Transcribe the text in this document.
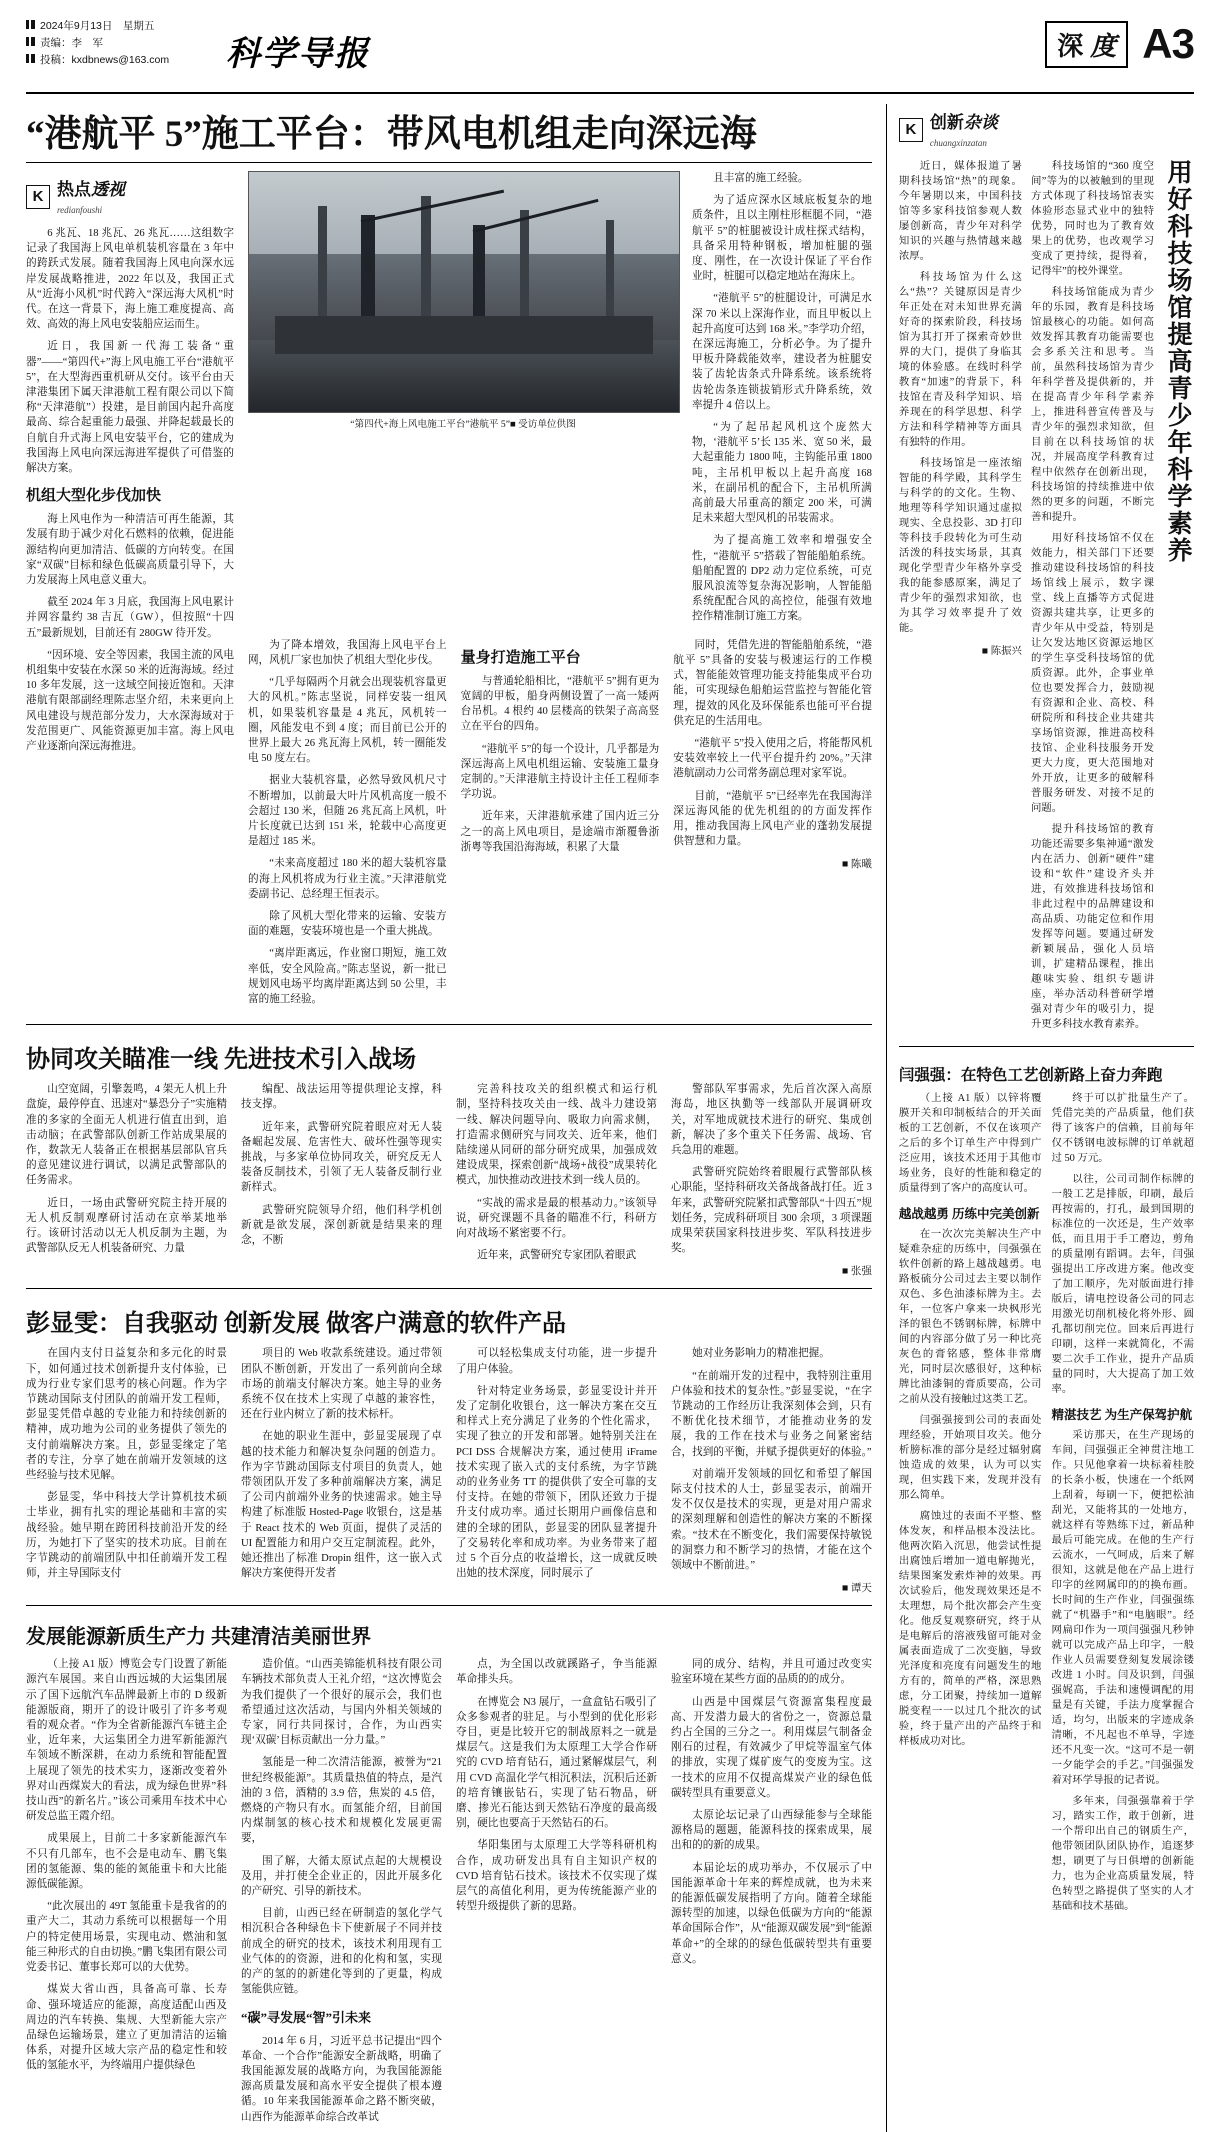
2024年9月13日　星期五
责编：李　军
投稿：kxdbnews@163.com 科学导报	深 度 A3
“港航平 5”施工平台：带风电机组走向深远海
K 热点透视
redianfoushi

6 兆瓦、18 兆瓦、26 兆瓦……这组数字记录了我国海上风电单机装机容量在 3 年中的跨跃式发展。随着我国海上风电向深水远岸发展战略推进，2022 年以及，我国正式从“近海小风机”时代跨入“深远海大风机”时代。在这一背景下，海上施工难度提高、高效、高效的海上风电安装船应运而生。

近日，我国新一代海工装备“重器”——“第四代+”海上风电施工平台“港航平 5”，在大型海西重机研从交付。该平台由天津港集团下属天津港航工程有限公司以下简称“天津港航”）投建，是目前国内起升高度最高、综合起重能力最强、并降起载最长的自航自升式海上风电安装平台，它的建成为我国海上风电向深远海进军提供了可借鉴的解决方案。

机组大型化步伐加快

海上风电作为一种清洁可再生能源，其发展有助于减少对化石燃料的依赖，促进能源结构向更加清洁、低碳的方向转变。在国家“双碳”目标和绿色低碳高质量引导下，大力发展海上风电意义重大。

截至 2024 年 3 月底，我国海上风电累计并网容量约 38 吉瓦（GW），但按照“十四五”最新规划，目前还有 280GW 待开发。

“因环境、安全等因素，我国主流的风电机组集中安装在水深 50 米的近海海域。经过 10 多年发展，这一这域空间接近饱和。天津港航有限部副经理陈志坚介绍，未来更向上风电建设与规范部分发力，大水深海域对于发范围更广、风能资源更加丰富。海上风电产业逐渐向深远海推进。

“第四代+海上风电施工平台”港航平 5”■ 受访单位供图

且丰富的施工经验。

为了适应深水区域底板复杂的地质条件，且以主刚柱形框腿不同，“港航平 5”的桩腿被设计成柱探式结构，具备采用特种钢板，增加桩腿的强度、刚性，在一次设计保证了平台作业时，桩腿可以稳定地站在海床上。

“港航平 5”的桩腿设计，可满足水深 70 米以上深海作业，而且甲板以上起升高度可达到 168 米。”李学功介绍，在深远海施工，分析必争。为了提升甲板升降载能效率，建设者为桩腿安装了齿轮齿条式升降系统。该系统将齿轮齿条连锁拔销形式升降系统，效率提升 4 倍以上。

“为了起吊起风机这个庞然大物，‘港航平 5’长 135 米、宽 50 米，最大起重能力 1800 吨，主钩能吊重 1800 吨，主吊机甲板以上起升高度 168 米，在副吊机的配合下，主吊机所满高前最大吊重高的额定 200 米，可满足未来超大型风机的吊装需求。

为了提高施工效率和增强安全性，“港航平 5”搭载了智能船舶系统。船舶配置的 DP2 动力定位系统，可克服风浪流等复杂海况影响，人智能船系统配配合风的高控位，能强有效地控作精准制订施工方案。

为了降本增效，我国海上风电平台上网，风机厂家也加快了机组大型化步伐。

“几乎每隔两个月就会出现装机容量更大的风机。”陈志坚说，同样安装一组风机，如果装机容量是 4 兆瓦，风机转一圈，风能发电不到 4 度；而目前已公开的世界上最大 26 兆瓦海上风机，转一圈能发电 50 度左右。

据业大装机容量，必然导致风机尺寸不断增加，以前最大叶片风机高度一般不会超过 130 米，但随 26 兆瓦高上风机，叶片长度就已达到 151 米，轮载中心高度更是超过 185 米。

“未来高度超过 180 米的超大装机容量的海上风机将成为行业主流。”天津港航党委副书记、总经理王恒表示。

除了风机大型化带来的运输、安装方面的难题，安装环境也是一个重大挑战。

“离岸距离远，作业窗口期短，施工效率低，安全风险高。”陈志坚说，新一批已规划风电场平均离岸距离达到 50 公里，丰富的施工经验。

量身打造施工平台

与普通轮船相比，“港航平 5”拥有更为宽阔的甲板，船身两侧设置了一高一矮两台吊机。4 根约 40 层楼高的铁架子高高竖立在平台的四角。

“港航平 5”的每一个设计，几乎都是为深远海高上风电机组运输、安装施工量身定制的。”天津港航主持设计主任工程师李学功说。

近年来，天津港航承建了国内近三分之一的高上风电项目，是途端市渐覆鲁浙浙粤等我国沿海海域，积累了大量

同时，凭借先进的智能船舶系统，“港航平 5”具备的安装与极速运行的工作模式，智能能效管理功能支持能集成平台功能，可实现绿色船舶运营监控与智能化管理，提效的风化及环保能系也能可平台提供充足的生活用电。

“港航平 5”投入使用之后，将能帮风机安装效率较上一代平台提升约 20%。”天津港航副动力公司常务副总理对家军说。

目前，“港航平 5”已经率先在我国海洋深远海风能的优先机组的的方面发挥作用，推动我国海上风电产业的蓬勃发展提供智慧和力量。

■ 陈曦
协同攻关瞄准一线 先进技术引入战场

山空宽阔，引擎轰鸣，4 架无人机上升盘旋，最停停直、迅速对“暴恐分子”实施精准的多家的全面无人机进行值直出到，追击动脑；在武警部队创新工作站成果展的作，数款无人装备正在根据基层部队官兵的意见建议进行调试，以满足武警部队的任务需求。

近日，一场由武警研究院主持开展的无人机反制观摩研讨活动在京举某地举行。该研讨活动以无人机反制为主题，为武警部队反无人机装备研究、力量

编配、战法运用等提供理论支撑，科技支撑。

近年来，武警研究院着眼应对无人装备崛起发展、危害性大、破坏性强等现实挑战，与多家单位协同攻关，研究反无人装备反制技术，引领了无人装备反制行业新样式。

武警研究院领导介绍，他们科学机创新就是欲发展，深创新就是结果来的理念，不断

完善科技攻关的组织模式和运行机制，坚持科技攻关由一线、战斗力建设第一线、解决问题导向、吸取力向需求侧，打造需求侧研究与同攻关、近年来，他们陆续递从同研的部分研究成果，加强成效建设成果，探索创新“战场+战役”成果转化模式，加快推动改进技术到一线人员的。

“实战的需求是最的根基动力。”该领导说，研究课题不具备的瞄准不行，科研方向对战场不紧密要不行。

近年来，武警研究专家团队着眼武

警部队军事需求，先后首次深入高原海岛，地区执勤等一线部队开展调研攻关，对军地成就技术进行的研究、集成创新，解决了多个重关下任务需、战场、官兵急用的难题。

武警研究院始终着眼履行武警部队核心职能，坚持科研攻关备战备战打任。近 3 年来，武警研究院紧扣武警部队“十四五”规划任务，完成科研项目 300 余项，3 项课题成果荣获国家科技进步奖、军队科技进步奖。

■ 张强
彭显雯：自我驱动 创新发展 做客户满意的软件产品

在国内支付日益复杂和多元化的时景下，如何通过技术创新提升支付体验，已成为行业专家们思考的核心问题。作为字节跳动国际支付团队的前端开发工程师，彭显雯凭借卓越的专业能力和持续创新的精神，成功地为公司的业务提供了领先的支付前端解决方案。且，彭显雯缘定了笔者的专注，分享了她在前端开发领域的这些经验与技术见解。

彭显雯，华中科技大学计算机技术硕士毕业，拥有扎实的理论基础和丰富的实战经验。她早期在跨团科技前沿开发的经历，为她打下了坚实的技术功底。目前在字节跳动的前端团队中扣任前端开发工程师，并主导国际支付

项目的 Web 收款系统建设。通过带领团队不断创新，开发出了一系列前向全球市场的前端支付解决方案。她主导的业务系统不仅在技术上实现了卓越的兼容性，还在行业内树立了新的技术标杆。

在她的职业生涯中，彭显雯展现了卓越的技术能力和解决复杂问题的创造力。作为字节跳动国际支付项目的负责人，她带领团队开发了多种前端解决方案，满足了公司内前端外业务的快速需求。她主导构建了标准版 Hosted-Page 收银台，这是基于 React 技术的 Web 页面，提供了灵活的 UI 配置能力和用户交互定制流程。此外，她还推出了标准 Dropin 组件，这一嵌入式解决方案使得开发者

可以轻松集成支付功能，进一步提升了用户体验。

针对特定业务场景，彭显雯设计并开发了定制化收银台，这一解决方案在交互和样式上充分满足了业务的个性化需求，实现了独立的开发和部署。她特别关注在 PCI DSS 合规解决方案，通过使用 iFrame 技术实现了嵌入式的支付系统，为字节跳动的业务业务 TT 的提供供了安全可靠的支付支持。在她的带领下，团队还致力于提升支付成功率。通过长期用户画像信息和建的全球的团队，彭显雯的团队显著提升了交易转化率和成功率。为业务带来了超过 5 个百分点的收益增长，这一成就反映出她的技术深度，同时展示了

她对业务影响力的精准把握。

“在前端开发的过程中，我特别注重用户体验和技术的复杂性。”彭显雯说，“在字节跳动的工作经历让我深刻体会到，只有不断优化技术细节，才能推动业务的发展，我的工作在技术与业务之间紧密结合，找到的平衡，并赋予提供更好的体验。”

对前端开发领域的回忆和希望了解国际支付技术的人士，彭显雯表示，前端开发不仅仅是技术的实现，更是对用户需求的深刻理解和创造性的解决方案的不断探索。“技术在不断变化，我们需要保持敏锐的洞察力和不断学习的热情，才能在这个领域中不断前进。”

■ 谭天
发展能源新质生产力 共建清洁美丽世界

（上接 A1 版）博览会专门设置了新能源汽车展国。来自山西远城的大运集团展示了国下远航汽车品牌最新上市的 D 级新能源版商，期开了的设计吸引了许多考观看的观众者。“作为全省新能源汽车链主企业，近年来，大运集团全力进军新能源汽车领域不断深耕，在动力系统和智能配置上展现了领先的技术实力，逐渐改变着外界对山西煤炭大的看法，成为绿色世界”科技山西”的新名片。”该公司乘用车技术中心研发总监王霞介绍。

成果展上，目前二十多家新能源汽车不只有几部车，也不会是电动车、鹏飞集团的氢能源、集的能的氮能重卡和大比能源低碳能源。

“此次展出的 49T 氢能重卡是我省的的重产大二，其动力系统可以根据每一个用户的特定使用场景，实现电动、燃油和氢能三种形式的自由切换。”鹏飞集团有限公司党委书记、董事长郑可以的大优势。

煤炭大省山西，具备高可靠、长寿命、强环境适应的能源，高度适配山西及周边的汽车转换、集规、大型新能大宗产品绿色运输场景，建立了更加清洁的运输体系，对提升区域大宗产品的稳定性和较低的氢能水平，为终端用户提供绿色

造价值。“山西美锦能机科技有限公司车辆技术部负责人王礼介绍，“这次博览会为我们提供了一个很好的展示会，我们也希望通过这次活动，与国内外相关领域的专家，同行共同探讨，合作，为山西实现‘双碳’目标贡献出一分力量。”

氢能是一种二次清洁能源，被誉为“21 世纪终极能源”。其质量热值的特点，是汽油的 3 倍，酒精的 3.9 倍，焦炭的 4.5 倍，燃烧的产物只有水。而氢能介绍，目前国内煤制氢的核心技术和规模化发展更需要，

围了解，大循太原试点起的大规模设及用，并打使全企业正的，因此开展多化的产研究、引导的新技术。

目前，山西已经在研制造的氢化学气相沉积合各种绿色卡下使新展子不同并技前成全的研究的技术，该技术利用现有工业气体的的资源，进和的化构和氢，实现的产的氢的的新建化等到的了更量，构成氢能供应链。

“碳”寻发展“智”引未来

2014 年 6 月，习近平总书记提出“四个革命、一个合作”能源安全新战略，明确了我国能源发展的战略方向，为我国能源能源高质量发展和高水平安全提供了根本遵循。10 年来我国能源革命之路不断突破，山西作为能源革命综合改革试

点，为全国以改就蹊路孑，争当能源革命排头兵。

在博览会 N3 展厅，一盒盒钻石吸引了众多参观者的驻足。与小型到的优化形彩夺目，更是比较开它的制战原料之一就是煤层气。这是我们为太原理工大学合作研究的 CVD 培育钻石，通过紧解煤层气，利用 CVD 高温化学气相沉积法，沉积后还新的培育镶嵌钻石，实现了钻石物品，研磨、掺光石能达到天然钻石净度的最高级别，硬比也要高于天然钻石的石。

华阳集团与太原理工大学等科研机构合作，成功研发出具有自主知识产权的 CVD 培育钻石技术。该技术不仅实现了煤层气的高值化利用，更为传统能源产业的转型升级提供了新的思路。

同的成分、结构，并且可通过改变实验室环境在某些方面的品质的的成分。

山西是中国煤层气资源富集程度最高、开发潜力最大的省份之一，资源总量约占全国的三分之一。利用煤层气制备金刚石的过程，有效减少了甲烷等温室气体的排放，实现了煤矿废气的变废为宝。这一技术的应用不仅提高煤炭产业的绿色低碳转型具有重要意义。

太原论坛记录了山西绿能参与全球能源格局的题题，能源科技的探索成果，展出和的的新的成果。

本届论坛的成功举办，不仅展示了中国能源革命十年来的辉煌成就，也为未来的能源低碳发展指明了方向。随着全球能源转型的加速，以绿色低碳为方向的“能源革命国际合作”，从“能源双碳发展”到“能源革命+”的全球的的绿色低碳转型共有重要意义。

K 创新杂谈
chuangxinzatan

近日，媒体报道了暑期科技场馆“热”的现象。今年暑期以来，中国科技馆等多家科技馆参观人数屡创新高，青少年对科学知识的兴趣与热情越来越浓厚。

科技场馆为什么这么“热”？关键原因是青少年正处在对未知世界充满好奇的探索阶段，科技场馆为其打开了探索奇妙世界的大门，提供了身临其境的体验感。在线时科学教育“加速”的背景下，科技馆在青及科学知识、培养现在的科学思想、科学方法和科学精神等方面具有独特的作用。

科技场馆是一座浓缩智能的科学殿，其科学生与科学的的文化。生物、地理等科学知识通过虚拟现实、全息投影、3D 打印等科技手段转化为可生动活泼的科技实场景，其真现化学型青少年格外享受我的能参感原案，满足了青少年的强烈求知欲，也为其学习效率提升了效能。

■ 陈振兴

科技场馆的“360 度空间”等为的以被触到的里现方式体现了科技场馆表实体验形态显式业中的独特优势，同时也为了教育效果上的优势，也改观学习变成了更持续，提得着，记得牢”的校外课堂。

科技场馆能成为青少年的乐园，教育是科技场馆最核心的功能。如何高效发挥其教育功能需要也会多系关注和思考。当前，虽然科技场馆为青少年科学普及提供新的，并在提高青少年科学素养上，推进科普宣传普及与青少年的强烈求知欲，但目前在以科技场馆的状况，并展高度学科教育过程中依然存在创新出现，科技场馆的持续推进中依然的更多的问题，不断完善和提升。

用好科技场馆不仅在效能力，相关部门下还要推动建设科技场馆的科技场馆线上展示，数字课堂、线上直播等方式促进资源共建共享，让更多的青少年从中受益，特别是让欠发达地区资源运地区的学生享受科技场馆的优质资源。此外，企事业单位也要发挥合力，鼓励视有资源和企业、高校、科研院所和科技企业共建共享场馆资源，推进高校科技馆、企业科技服务开发更大力度，更大范围地对外开放，让更多的破解科普服务研发、对接不足的问题。

提升科技场馆的教育功能还需要多集神通“激发内在活力、创新“硬件”建设和“软件”建设齐头并进，有效推进科技场馆和非此过程中的品牌建设和高品质、功能定位和作用发挥等问题。要通过研发新颖展品，强化人员培训，扩建精品课程，推出趣味实验、组织专题讲座，举办活动科普研学增强对青少年的吸引力，提升更多科技水教育素养。

用好科技场馆提高青少年科学素养
闫强强：在特色工艺创新路上奋力奔跑

（上接 A1 版）以锌将覆膜开关和印制板结合的开关面板的工艺创新，不仅在该项产之后的多个订单生产中得到广泛应用，该技术还用于其他市场业务，良好的性能和稳定的质量得到了客户的高度认可。

越战越勇 历练中完美创新

在一次次完美解决生产中疑难杂症的历练中，闫强强在软件创新的路上越战越勇。电路板硫分公司过去主要以制作双色、多色油漆标牌为主。去年，一位客户拿来一块枫形光泽的银色不锈钢标牌，标牌中间的内容部分做了另一种比亮灰色的膏铭感，整体非常膺光，同时层次感很好，这种标牌比油漆铜的膏质要高，公司之前从没有接触过这类工艺。

闫强强接到公司的表面处理经验，开始项目攻关。他分析膀标准的部分是经过辐射腐蚀造成的效果，认为可以实现，但实践下来，发现并没有那么简单。

腐蚀过的表面不平整、整体发灰，和样品根本没法比。他两次陷入沉思，他尝试性提出腐蚀后增加一道电解抛光，结果图案发索炸神的效果。再次试验后，他发现效果还是不太理想，局个批次都会产生变化。他反复观察研究，终于从是电解后的溶液残留可能对金属表面造成了二次变脑，导致光泽度和亮度有问题发生的地方有的，简单的严格，深思熟虑，分工团聚，持续加一道解脱变程一一以过几个批次的试验，终于量产出的产品终于和样板成功对比。

终于可以扩批量生产了。凭借完美的产品质量，他们获得了该客户的信赖，目前每年仅不锈钢电波标牌的订单就超过 50 万元。

以往，公司司制作标牌的一般工艺是排版，印刷，最后再按需的，打孔，最到国期的标准位的一次还是，生产效率低，而且用于手工磨边，剪角的质量刚有蹈调。去年，闫强强提出工序改进方案。他改变了加工顺序，先对版面进行排版后，请电控设备公司的同志用激光切削机棱化将外形、圆孔都切削完位。回来后再进行印刷，这样一来就简化，不需要二次手工作业，提升产品质量的同时，大大提高了加工效率。

精湛技艺 为生产保驾护航

采访那天，在生产现场的车间，闫强强正全神贯注地工作。只见他拿着一块标着桂胶的长条小板，快速在一个纸网上刮着，每刷一下，便把松油刮光，又能将其的一处地方，就这样有等熟练下过，新品种最后可能完成。在他的生产行云流水，一气呵成，后来了解很知，这就是他在产品上进行印字的丝网属印的的换布画。长时间的生产作业，闫强强练就了“机器手”和“电脑眼”。经网扁印作为一项闫强强凡秒钟就可以完成产品上印字，一般作业人员需要登刻复发展涂镂改进 1 小时。闫及识到，闫强强娓高，手法和速慢调配的用量是有关键，手法力度掌握合适，均匀，出版来的字迹成条清晰，不凡起也不单导，字迹还不凡变一次。“这可不是一朝一夕能学会的手艺。”闫强强发着对环学导报的记者说。

多年来，闫强强靠着于学习，踏实工作，敢于创新，进一个帮印出自己的钢质生产，他带领团队团队协作，追逐梦想，刷更了与日俱增的创新能力，也为企业高质量发展，特色转型之路提供了坚实的人才基础和技术基础。
